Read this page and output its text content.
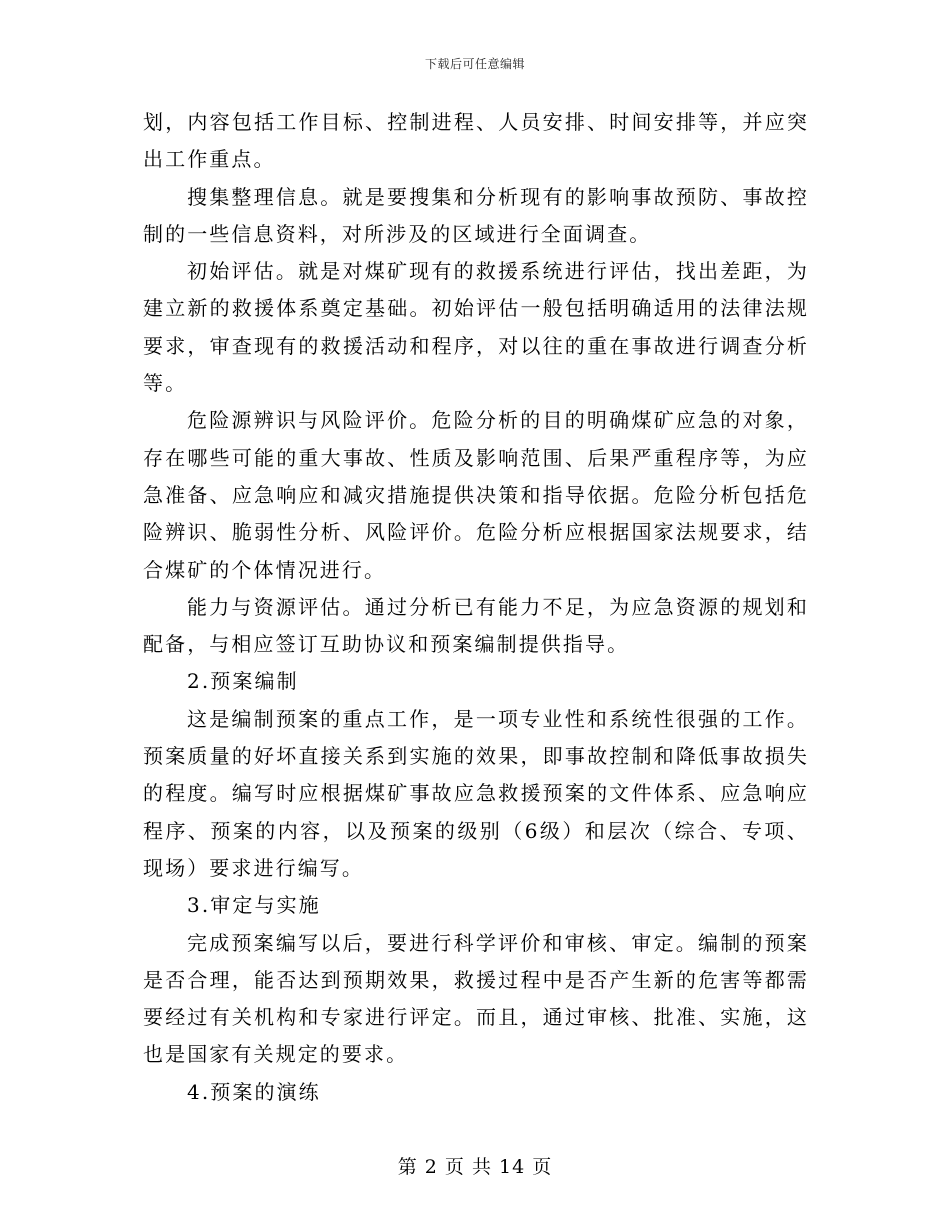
下载后可任意编辑

划，内容包括工作目标、控制进程、人员安排、时间安排等，并应突出工作重点。

搜集整理信息。就是要搜集和分析现有的影响事故预防、事故控制的一些信息资料，对所涉及的区域进行全面调查。

初始评估。就是对煤矿现有的救援系统进行评估，找出差距，为建立新的救援体系奠定基础。初始评估一般包括明确适用的法律法规要求，审查现有的救援活动和程序，对以往的重在事故进行调查分析等。

危险源辨识与风险评价。危险分析的目的明确煤矿应急的对象，存在哪些可能的重大事故、性质及影响范围、后果严重程序等，为应急准备、应急响应和减灾措施提供决策和指导依据。危险分析包括危险辨识、脆弱性分析、风险评价。危险分析应根据国家法规要求，结合煤矿的个体情况进行。

能力与资源评估。通过分析已有能力不足，为应急资源的规划和配备，与相应签订互助协议和预案编制提供指导。

2.预案编制

这是编制预案的重点工作，是一项专业性和系统性很强的工作。预案质量的好坏直接关系到实施的效果，即事故控制和降低事故损失的程度。编写时应根据煤矿事故应急救援预案的文件体系、应急响应程序、预案的内容，以及预案的级别（6级）和层次（综合、专项、现场）要求进行编写。

3.审定与实施

完成预案编写以后，要进行科学评价和审核、审定。编制的预案是否合理，能否达到预期效果，救援过程中是否产生新的危害等都需要经过有关机构和专家进行评定。而且，通过审核、批准、实施，这也是国家有关规定的要求。

4.预案的演练

第 2 页 共 14 页
